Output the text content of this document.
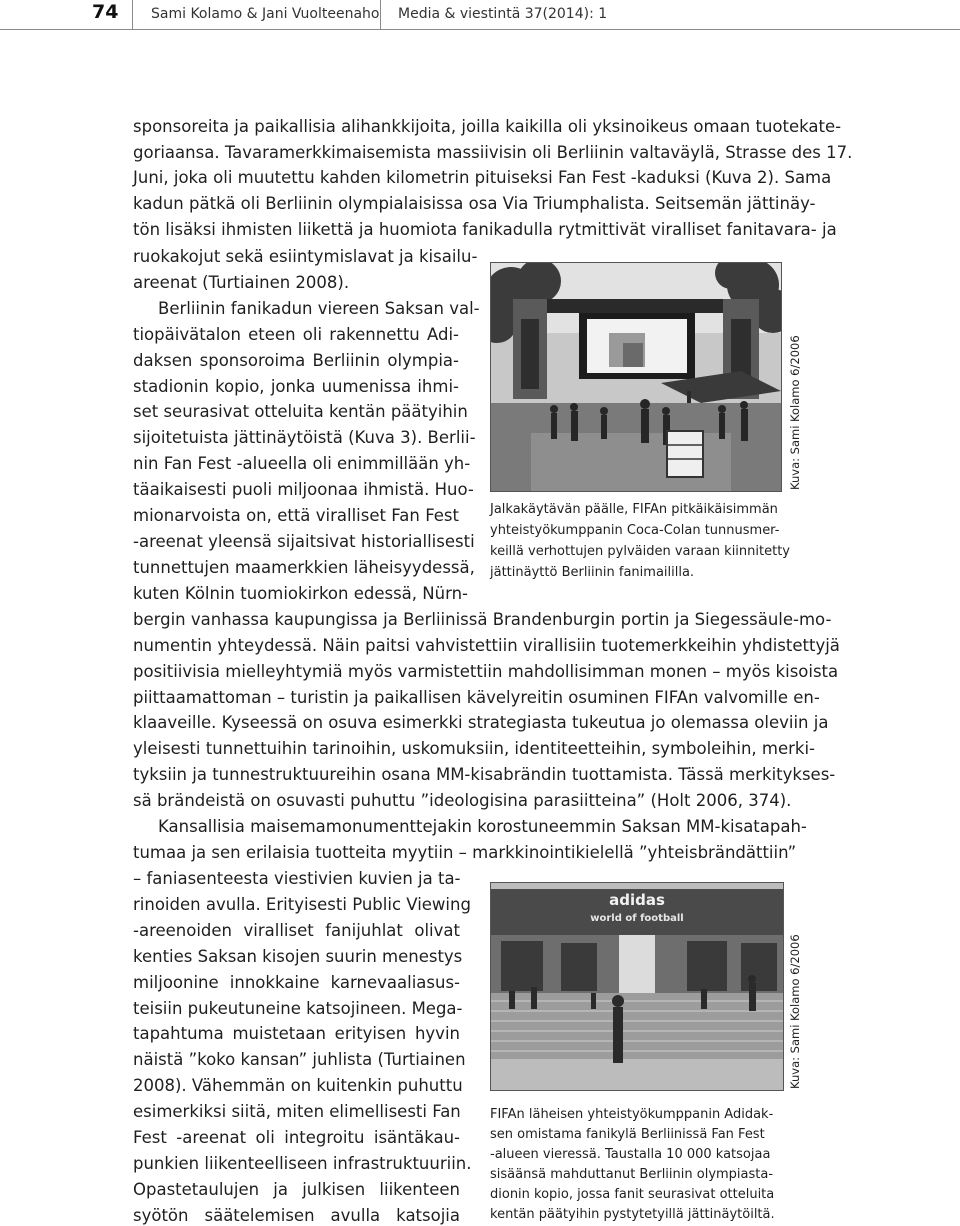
74 Sami Kolamo & Jani Vuolteenaho Media & viestintä 37(2014): 1
sponsoreita ja paikallisia alihankkijoita, joilla kaikilla oli yksinoikeus omaan tuotekate-
goriaansa. Tavaramerkkimaisemista massiivisin oli Berliinin valtaväylä, Strasse des 17.
Juni, joka oli muutettu kahden kilometrin pituiseksi Fan Fest -kaduksi (Kuva 2). Sama
kadun pätkä oli Berliinin olympialaisissa osa Via Triumphalista. Seitsemän jättinäy-
tön lisäksi ihmisten liikettä ja huomiota fanikadulla rytmittivät viralliset fanitavara- ja
ruokakojut sekä esiintymislavat ja kisailu-
areenat (Turtiainen 2008).
Berliinin fanikadun viereen Saksan val-
tiopäivätalon eteen oli rakennettu Adi-
daksen sponsoroima Berliinin olympia-
stadionin kopio, jonka uumenissa ihmi-
set seurasivat otteluita kentän päätyihin
sijoitetuista jättinäytöistä (Kuva 3). Berlii-
nin Fan Fest -alueella oli enimmillään yh-
täaikaisesti puoli miljoonaa ihmistä. Huo-
mionarvoista on, että viralliset Fan Fest
-areenat yleensä sijaitsivat historiallisesti
tunnettujen maamerkkien läheisyydessä,
kuten Kölnin tuomiokirkon edessä, Nürn-
bergin vanhassa kaupungissa ja Berliinissä Brandenburgin portin ja Siegessäule-mo-
numentin yhteydessä. Näin paitsi vahvistettiin virallisiin tuotemerkkeihin yhdistettyjä
positiivisia mielleyhtymiä myös varmistettiin mahdollisimman monen – myös kisoista
piittaamattoman – turistin ja paikallisen kävelyreitin osuminen FIFAn valvomille en-
klaaveille. Kyseessä on osuva esimerkki strategiasta tukeutua jo olemassa oleviin ja
yleisesti tunnettuihin tarinoihin, uskomuksiin, identiteetteihin, symboleihin, merki-
tyksiin ja tunnestruktuureihin osana MM-kisabrändin tuottamista. Tässä merkitykses-
sä brändeistä on osuvasti puhuttu ”ideologisina parasiitteina” (Holt 2006, 374).
Kansallisia maisemamonumenttejakin korostuneemmin Saksan MM-kisatapah-
tumaa ja sen erilaisia tuotteita myytiin – markkinointikielellä ”yhteisbrändättiin”
– faniasenteesta viestivien kuvien ja ta-
rinoiden avulla. Erityisesti Public Viewing
-areenoiden viralliset fanijuhlat olivat
kenties Saksan kisojen suurin menestys
miljoonine innokkaine karnevaaliasus-
teisiin pukeutuneine katsojineen. Mega-
tapahtuma muistetaan erityisen hyvin
näistä ”koko kansan” juhlista (Turtiainen
2008). Vähemmän on kuitenkin puhuttu
esimerkiksi siitä, miten elimellisesti Fan
Fest -areenat oli integroitu isäntäkau-
punkien liikenteelliseen infrastruktuuriin.
Opastetaulujen ja julkisen liikenteen
syötön säätelemisen avulla katsojia
Kuva: Sami Kolamo 6/2006
Jalkakäytävän päälle, FIFAn pitkäikäisimmän
yhteistyökumppanin Coca-Colan tunnusmer-
keillä verhottujen pylväiden varaan kiinnitetty
jättinäyttö Berliinin fanimaililla.
adidas
world of football
Kuva: Sami Kolamo 6/2006
FIFAn läheisen yhteistyökumppanin Adidak-
sen omistama fanikylä Berliinissä Fan Fest
-alueen vieressä. Taustalla 10 000 katsojaa
sisäänsä mahduttanut Berliinin olympiasta-
dionin kopio, jossa fanit seurasivat otteluita
kentän päätyihin pystytetyillä jättinäytöiltä.
